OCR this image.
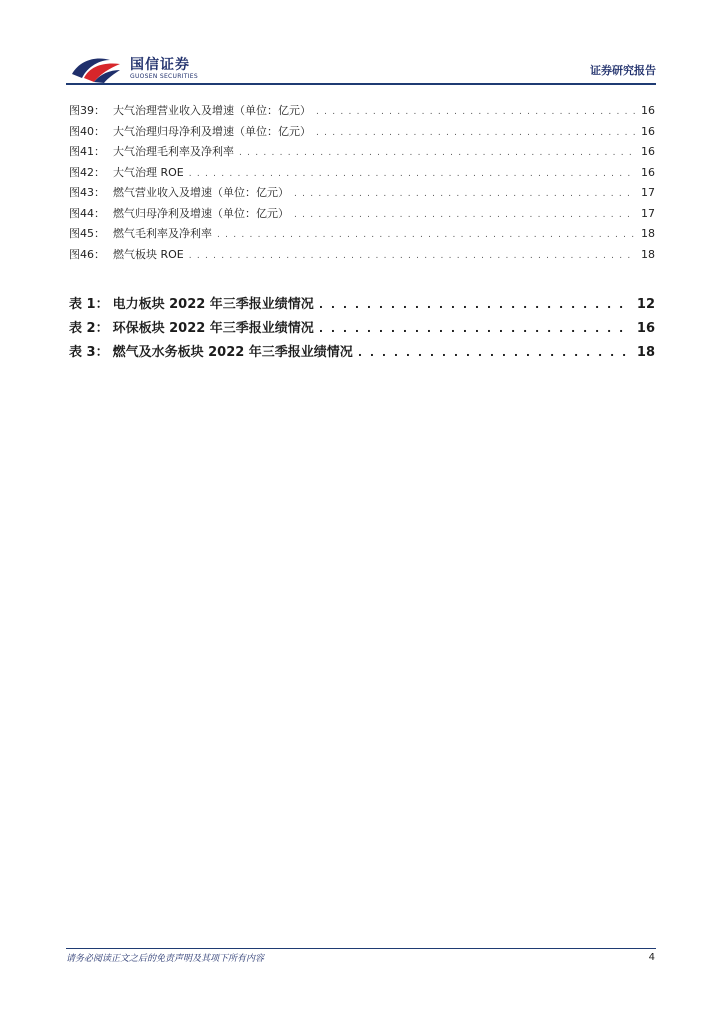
国信证券
GUOSEN SECURITIES	证券研究报告
图39： 大气治理营业收入及增速（单位：亿元） . . .	16
图40： 大气治理归母净利及增速（单位：亿元） . . .	16
图41： 大气治理毛利率及净利率 . . .	16
图42： 大气治理 ROE . . .	16
图43： 燃气营业收入及增速（单位：亿元） . . .	17
图44： 燃气归母净利及增速（单位：亿元） . . .	17
图45： 燃气毛利率及净利率 . . .	18
图46： 燃气板块 ROE . . .	18
表 1： 电力板块 2022 年三季报业绩情况 . . .	12
表 2： 环保板块 2022 年三季报业绩情况 . . .	16
表 3： 燃气及水务板块 2022 年三季报业绩情况 . . .	18
请务必阅读正文之后的免责声明及其项下所有内容	4
